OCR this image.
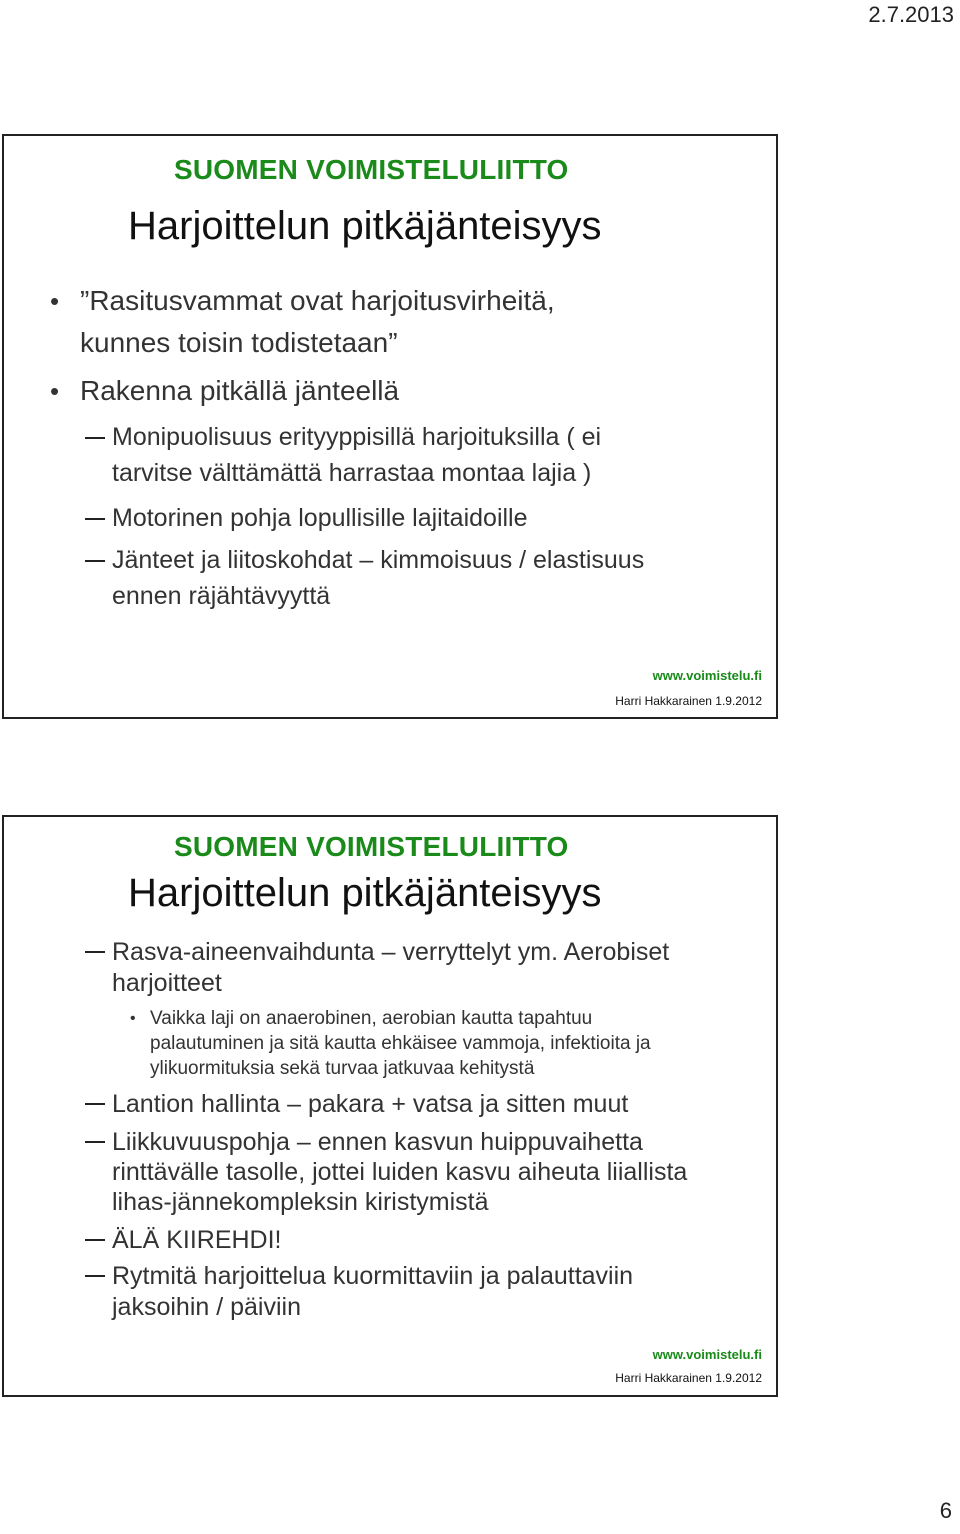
2.7.2013
SUOMEN VOIMISTELULIITTO
Harjoittelun pitkäjänteisyys
• ”Rasitusvammat ovat harjoitusvirheitä,
kunnes toisin todistetaan”
• Rakenna pitkällä jänteellä
Monipuolisuus erityyppisillä harjoituksilla ( ei
tarvitse välttämättä harrastaa montaa lajia )
Motorinen pohja lopullisille lajitaidoille
Jänteet ja liitoskohdat – kimmoisuus / elastisuus
ennen räjähtävyyttä
www.voimistelu.fi
Harri Hakkarainen 1.9.2012
SUOMEN VOIMISTELULIITTO
Harjoittelun pitkäjänteisyys
Rasva-aineenvaihdunta – verryttelyt ym. Aerobiset
harjoitteet
• Vaikka laji on anaerobinen, aerobian kautta tapahtuu
palautuminen ja sitä kautta ehkäisee vammoja, infektioita ja
ylikuormituksia sekä turvaa jatkuvaa kehitystä
Lantion hallinta – pakara + vatsa ja sitten muut
Liikkuvuuspohja – ennen kasvun huippuvaihetta
rinttävälle tasolle, jottei luiden kasvu aiheuta liiallista
lihas-jännekompleksin kiristymistä
ÄLÄ KIIREHDI!
Rytmitä harjoittelua kuormittaviin ja palauttaviin
jaksoihin / päiviin
www.voimistelu.fi
Harri Hakkarainen 1.9.2012
6
